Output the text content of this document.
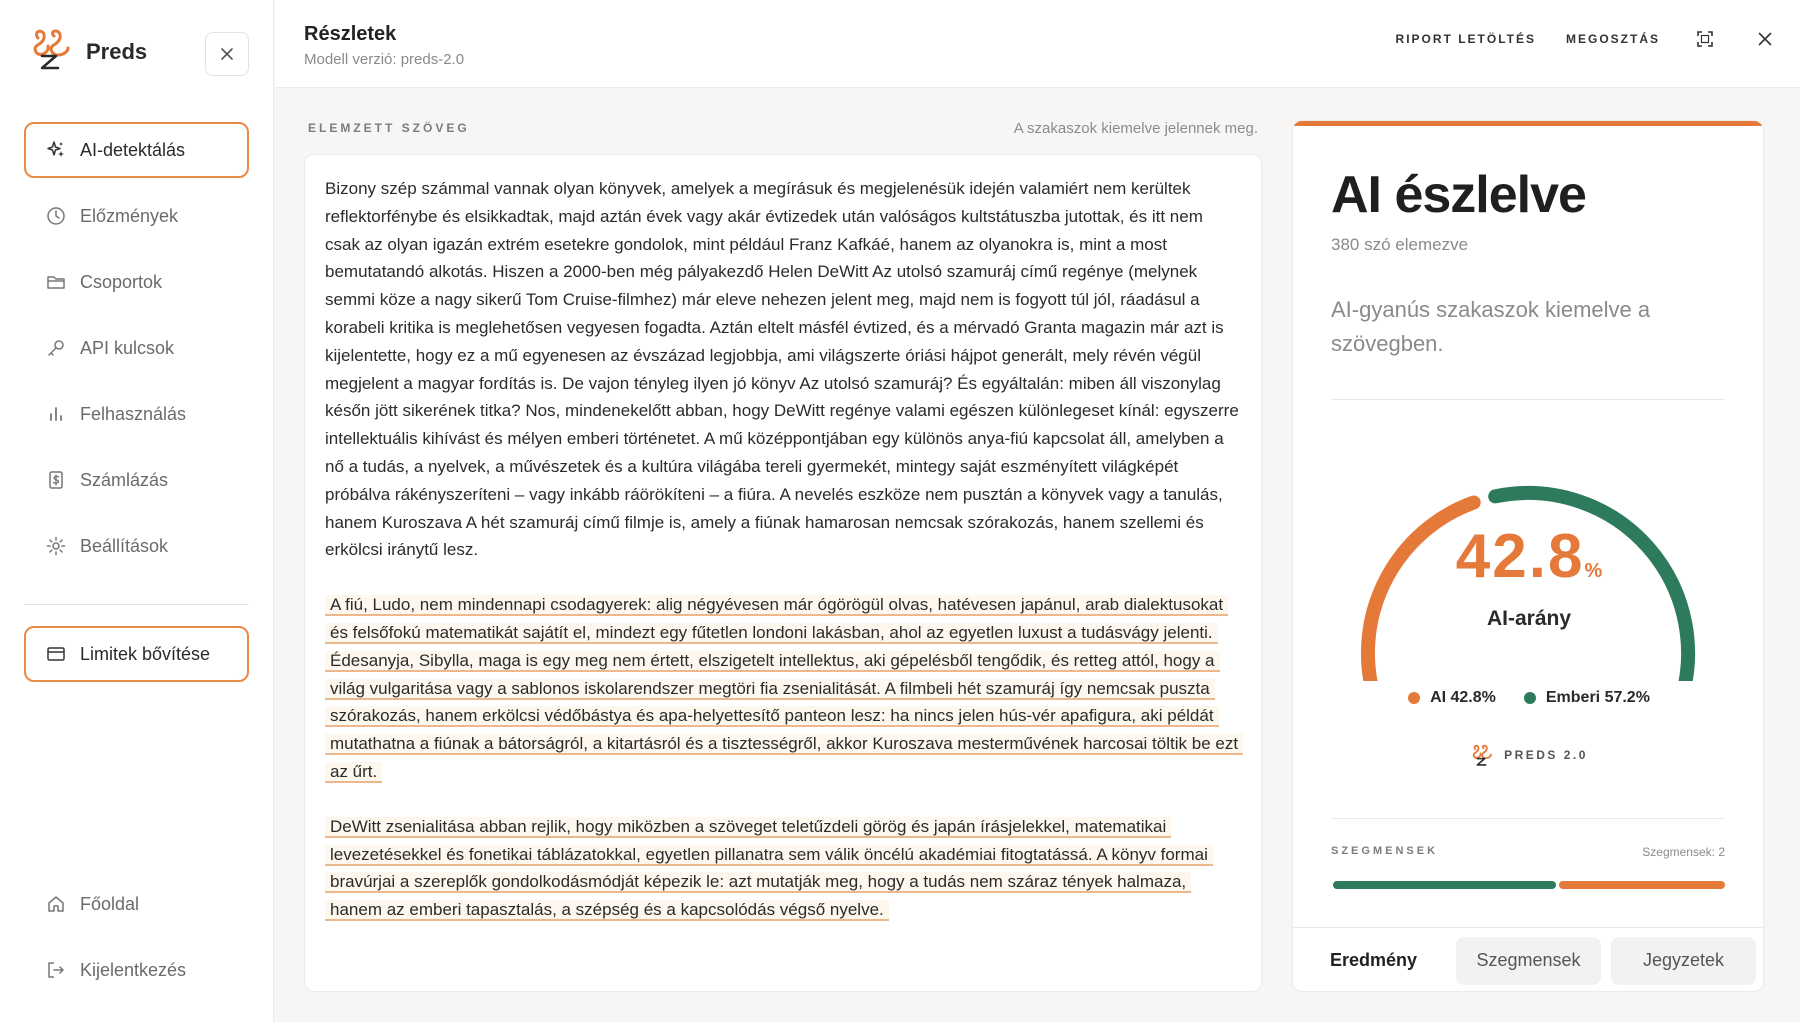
Preds
AI-detektálás
Előzmények
Csoportok
API kulcsok
Felhasználás
Számlázás
Beállítások
Limitek bővítése
Főoldal
Kijelentkezés
Részletek
Modell verzió: preds-2.0
RIPORT LETÖLTÉS	MEGOSZTÁS
ELEMZETT SZÖVEG	A szakaszok kiemelve jelennek meg.

Bizony szép számmal vannak olyan könyvek, amelyek a megírásuk és megjelenésük idején valamiért nem kerültek reflektorfénybe és elsikkadtak, majd aztán évek vagy akár évtizedek után valóságos kultstátuszba jutottak, és itt nem csak az olyan igazán extrém esetekre gondolok, mint például Franz Kafkáé, hanem az olyanokra is, mint a most bemutatandó alkotás. Hiszen a 2000-ben még pályakezdő Helen DeWitt Az utolsó szamuráj című regénye (melynek semmi köze a nagy sikerű Tom Cruise-filmhez) már eleve nehezen jelent meg, majd nem is fogyott túl jól, ráadásul a korabeli kritika is meglehetősen vegyesen fogadta. Aztán eltelt másfél évtized, és a mérvadó Granta magazin már azt is kijelentette, hogy ez a mű egyenesen az évszázad legjobbja, ami világszerte óriási hájpot generált, mely révén végül megjelent a magyar fordítás is. De vajon tényleg ilyen jó könyv Az utolsó szamuráj? És egyáltalán: miben áll viszonylag későn jött sikerének titka? Nos, mindenekelőtt abban, hogy DeWitt regénye valami egészen különlegeset kínál: egyszerre intellektuális kihívást és mélyen emberi történetet. A mű középpontjában egy különös anya-fiú kapcsolat áll, amelyben a nő a tudás, a nyelvek, a művészetek és a kultúra világába tereli gyermekét, mintegy saját eszményített világképét próbálva rákényszeríteni – vagy inkább ráörökíteni – a fiúra. A nevelés eszköze nem pusztán a könyvek vagy a tanulás, hanem Kuroszava A hét szamuráj című filmje is, amely a fiúnak hamarosan nemcsak szórakozás, hanem szellemi és erkölcsi iránytű lesz.

A fiú, Ludo, nem mindennapi csodagyerek: alig négyévesen már ógörögül olvas, hatévesen japánul, arab dialektusokat és felsőfokú matematikát sajátít el, mindezt egy fűtetlen londoni lakásban, ahol az egyetlen luxust a tudásvágy jelenti. Édesanyja, Sibylla, maga is egy meg nem értett, elszigetelt intellektus, aki gépelésből tengődik, és retteg attól, hogy a világ vulgaritása vagy a sablonos iskolarendszer megtöri fia zsenialitását. A filmbeli hét szamuráj így nemcsak puszta szórakozás, hanem erkölcsi védőbástya és apa-helyettesítő panteon lesz: ha nincs jelen hús-vér apafigura, aki példát mutathatna a fiúnak a bátorságról, a kitartásról és a tisztességről, akkor Kuroszava mesterművének harcosai töltik be ezt az űrt.

DeWitt zsenialitása abban rejlik, hogy miközben a szöveget teletűzdeli görög és japán írásjelekkel, matematikai levezetésekkel és fonetikai táblázatokkal, egyetlen pillanatra sem válik öncélú akadémiai fitogtatássá. A könyv formai bravúrjai a szereplők gondolkodásmódját képezik le: azt mutatják meg, hogy a tudás nem száraz tények halmaza, hanem az emberi tapasztalás, a szépség és a kapcsolódás végső nyelve.

AI észlelve
380 szó elemezve
AI-gyanús szakaszok kiemelve a szövegben.
42.8%
AI-arány
AI 42.8%	Emberi 57.2%
PREDS 2.0
SZEGMENSEK	Szegmensek: 2
Eredmény	Szegmensek	Jegyzetek
